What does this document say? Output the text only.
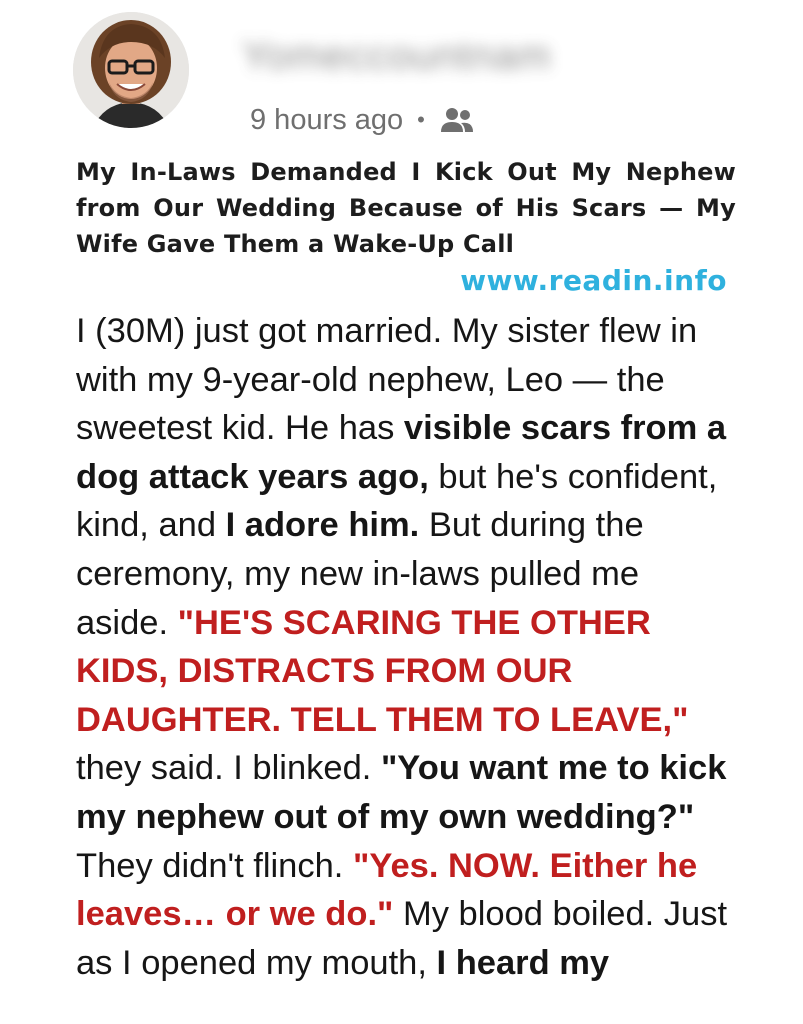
Yomeccountnam
9 hours ago •
My In-Laws Demanded I Kick Out My Nephew from Our Wedding Because of His Scars — My Wife Gave Them a Wake-Up Call
www.readin.info
I (30M) just got married. My sister flew in with my 9-year-old nephew, Leo — the sweetest kid. He has visible scars from a dog attack years ago, but he's confident, kind, and I adore him. But during the ceremony, my new in-laws pulled me aside. "HE'S SCARING THE OTHER KIDS, DISTRACTS FROM OUR DAUGHTER. TELL THEM TO LEAVE," they said. I blinked. "You want me to kick my nephew out of my own wedding?" They didn't flinch. "Yes. NOW. Either he leaves… or we do." My blood boiled. Just as I opened my mouth, I heard my
